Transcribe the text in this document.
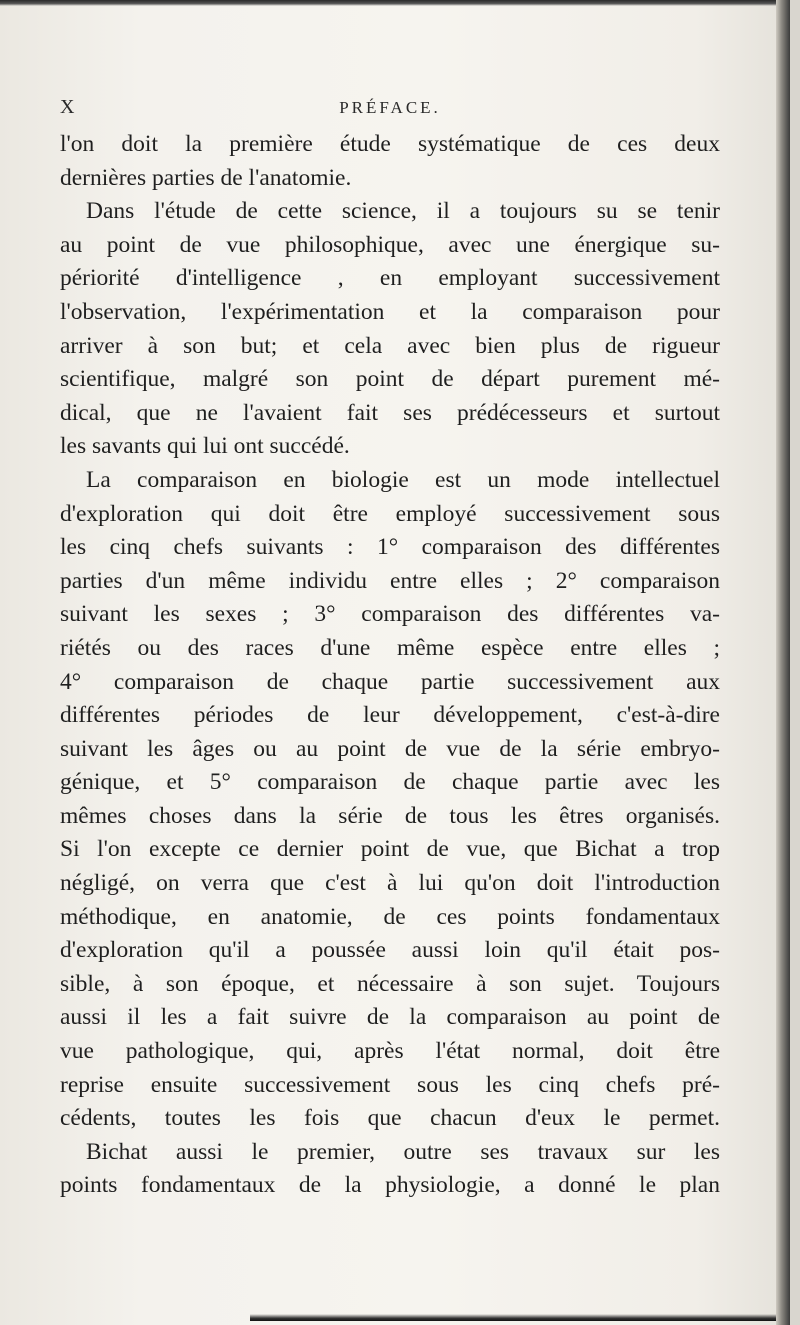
X	PRÉFACE.
l'on doit la première étude systématique de ces deux
dernières parties de l'anatomie.
Dans l'étude de cette science, il a toujours su se tenir
au point de vue philosophique, avec une énergique su-
périorité d'intelligence , en employant successivement
l'observation, l'expérimentation et la comparaison pour
arriver à son but; et cela avec bien plus de rigueur
scientifique, malgré son point de départ purement mé-
dical, que ne l'avaient fait ses prédécesseurs et surtout
les savants qui lui ont succédé.
La comparaison en biologie est un mode intellectuel
d'exploration qui doit être employé successivement sous
les cinq chefs suivants : 1° comparaison des différentes
parties d'un même individu entre elles ; 2° comparaison
suivant les sexes ; 3° comparaison des différentes va-
riétés ou des races d'une même espèce entre elles ;
4° comparaison de chaque partie successivement aux
différentes périodes de leur développement, c'est-à-dire
suivant les âges ou au point de vue de la série embryo-
génique, et 5° comparaison de chaque partie avec les
mêmes choses dans la série de tous les êtres organisés.
Si l'on excepte ce dernier point de vue, que Bichat a trop
négligé, on verra que c'est à lui qu'on doit l'introduction
méthodique, en anatomie, de ces points fondamentaux
d'exploration qu'il a poussée aussi loin qu'il était pos-
sible, à son époque, et nécessaire à son sujet. Toujours
aussi il les a fait suivre de la comparaison au point de
vue pathologique, qui, après l'état normal, doit être
reprise ensuite successivement sous les cinq chefs pré-
cédents, toutes les fois que chacun d'eux le permet.
Bichat aussi le premier, outre ses travaux sur les
points fondamentaux de la physiologie, a donné le plan
